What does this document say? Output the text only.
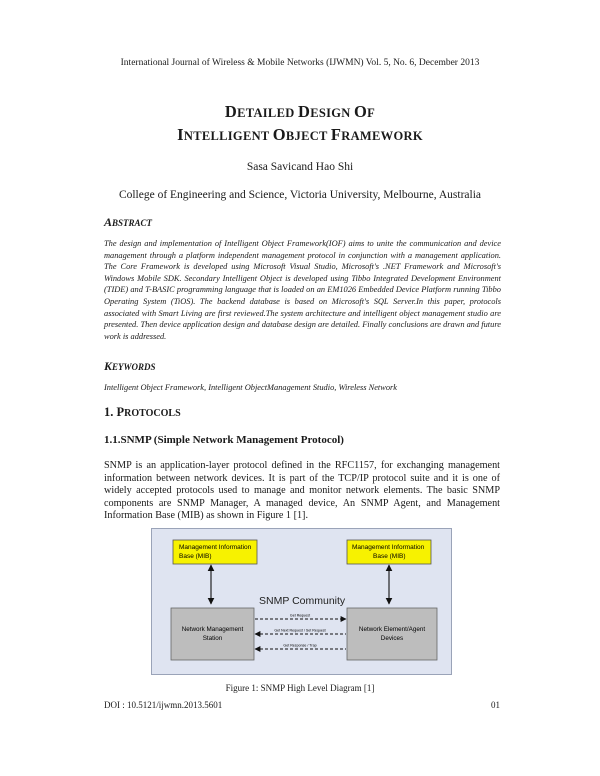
International Journal of Wireless & Mobile Networks (IJWMN) Vol. 5, No. 6, December 2013
DETAILED DESIGN OF
INTELLIGENT OBJECT FRAMEWORK
Sasa Savicand Hao Shi
College of Engineering and Science, Victoria University, Melbourne, Australia
ABSTRACT
The design and implementation of Intelligent Object Framework(IOF) aims to unite the communication and device management through a platform independent management protocol in conjunction with a management application. The Core Framework is developed using Microsoft Visual Studio, Microsoft's .NET Framework and Microsoft's Windows Mobile SDK. Secondary Intelligent Object is developed using Tibbo Integrated Development Environment (TIDE) and T-BASIC programming language that is loaded on an EM1026 Embedded Device Platform running Tibbo Operating System (TiOS). The backend database is based on Microsoft's SQL Server.In this paper, protocols associated with Smart Living are first reviewed.The system architecture and intelligent object management studio are presented. Then device application design and database design are detailed. Finally conclusions are drawn and future work is addressed.
KEYWORDS
Intelligent Object Framework, Intelligent ObjectManagement Studio, Wireless Network
1. PROTOCOLS
1.1.SNMP (Simple Network Management Protocol)
SNMP is an application-layer protocol defined in the RFC1157, for exchanging management information between network devices. It is part of the TCP/IP protocol suite and it is one of widely accepted protocols used to manage and monitor network elements. The basic SNMP components are SNMP Manager, A managed device, An SNMP Agent, and Management Information Base (MIB) as shown in Figure 1 [1].
Management Information
Base (MIB)
Management Information
Base (MIB)
SNMP Community
Network Management
Station
Network Element/Agent
Devices
Get Request
Get Next Request / Set Request
Get Response / Trap
Figure 1: SNMP High Level Diagram [1]
DOI : 10.5121/ijwmn.2013.5601	01
